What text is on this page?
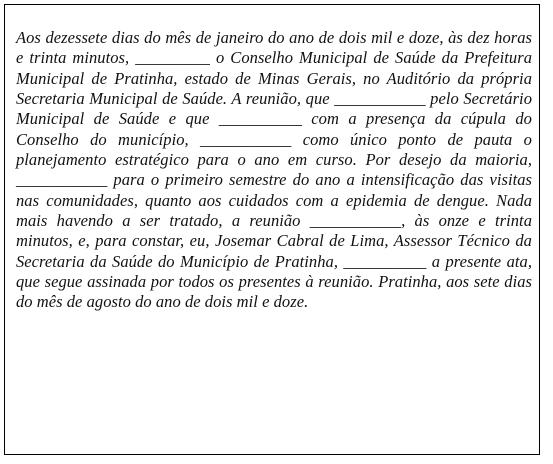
Aos dezessete dias do mês de janeiro do ano de dois mil e doze, às dez horas e trinta minutos, _________ o Conselho Municipal de Saúde da Prefeitura Municipal de Pratinha, estado de Minas Gerais, no Auditório da própria Secretaria Municipal de Saúde. A reunião, que ___________ pelo Secretário Municipal de Saúde e que __________ com a presença da cúpula do Conselho do município, ___________ como único ponto de pauta o planejamento estratégico para o ano em curso. Por desejo da maioria, ___________ para o primeiro semestre do ano a intensificação das visitas nas comunidades, quanto aos cuidados com a epidemia de dengue. Nada mais havendo a ser tratado, a reunião ___________, às onze e trinta minutos, e, para constar, eu, Josemar Cabral de Lima, Assessor Técnico da Secretaria da Saúde do Município de Pratinha, __________ a presente ata, que segue assinada por todos os presentes à reunião. Pratinha, aos sete dias do mês de agosto do ano de dois mil e doze.
